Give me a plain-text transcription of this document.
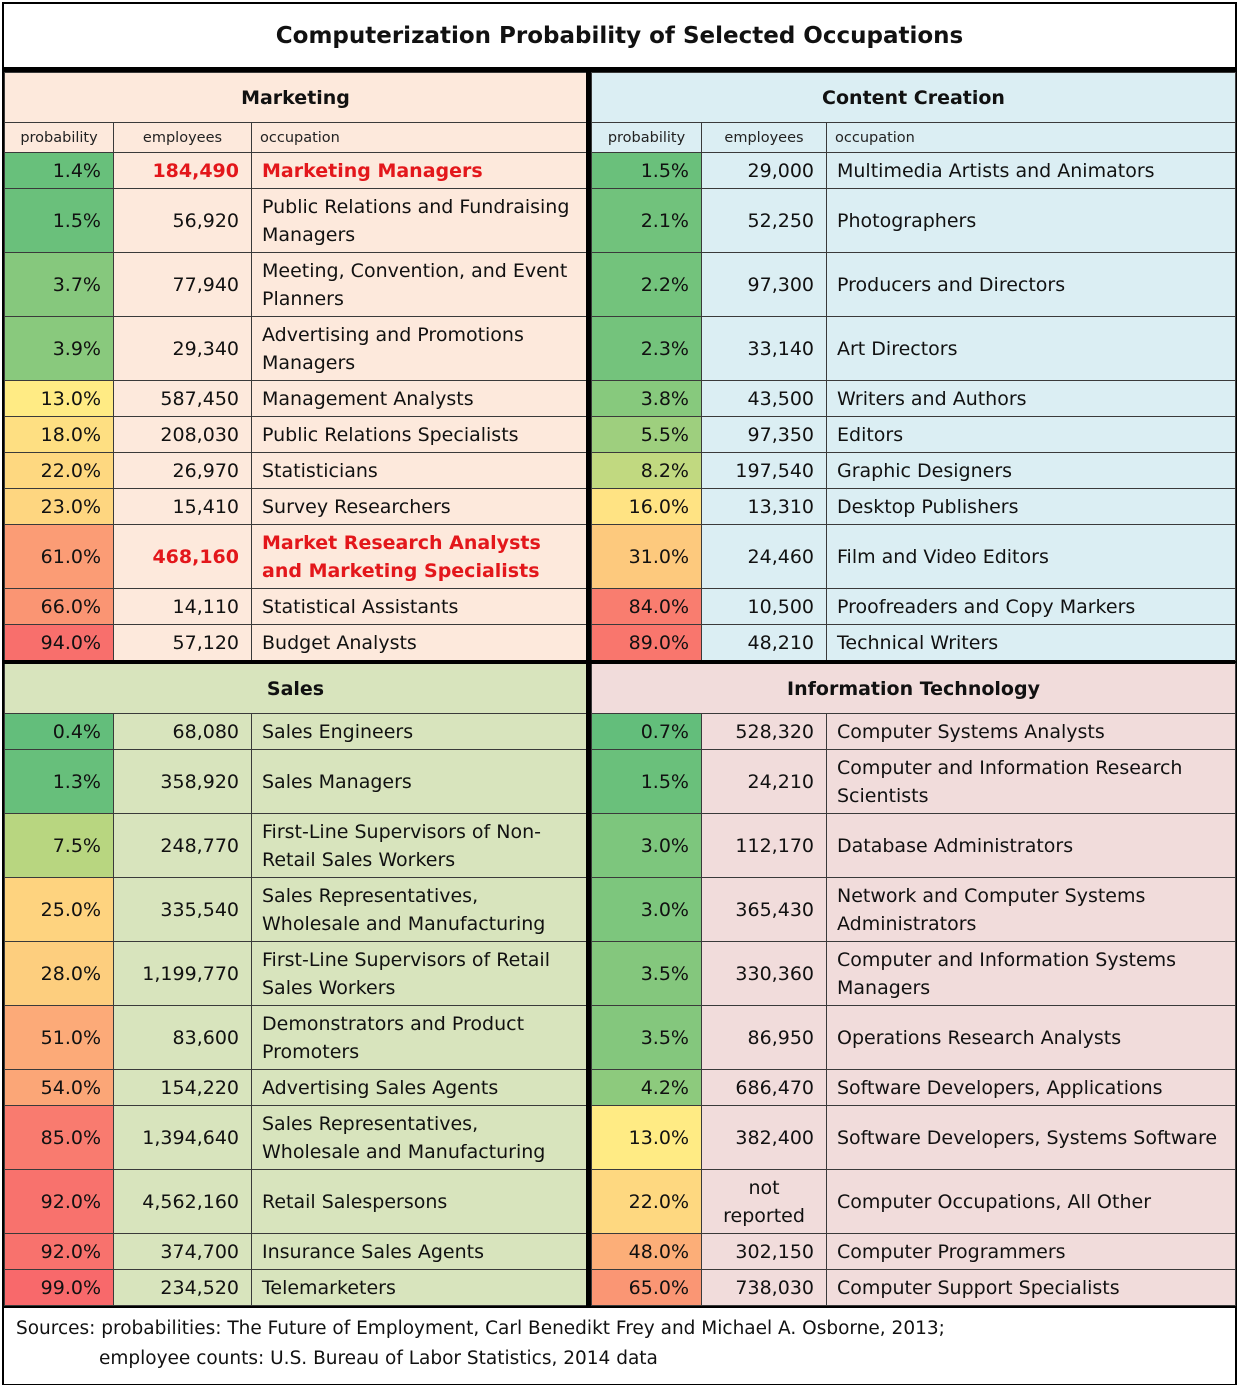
Computerization Probability of Selected Occupations
Marketing		
probability	employees	occupation
1.4%	184,490	Marketing Managers
1.5%	56,920	Public Relations and Fundraising Managers
3.7%	77,940	Meeting, Convention, and Event Planners
3.9%	29,340	Advertising and Promotions Managers
13.0%	587,450	Management Analysts
18.0%	208,030	Public Relations Specialists
22.0%	26,970	Statisticians
23.0%	15,410	Survey Researchers
61.0%	468,160	Market Research Analysts and Marketing Specialists
66.0%	14,110	Statistical Assistants
94.0%	57,120	Budget Analysts
Content Creation		
probability	employees	occupation
1.5%	29,000	Multimedia Artists and Animators
2.1%	52,250	Photographers
2.2%	97,300	Producers and Directors
2.3%	33,140	Art Directors
3.8%	43,500	Writers and Authors
5.5%	97,350	Editors
8.2%	197,540	Graphic Designers
16.0%	13,310	Desktop Publishers
31.0%	24,460	Film and Video Editors
84.0%	10,500	Proofreaders and Copy Markers
89.0%	48,210	Technical Writers
Sales		
0.4%	68,080	Sales Engineers
1.3%	358,920	Sales Managers
7.5%	248,770	First-Line Supervisors of Non-Retail Sales Workers
25.0%	335,540	Sales Representatives, Wholesale and Manufacturing
28.0%	1,199,770	First-Line Supervisors of Retail Sales Workers
51.0%	83,600	Demonstrators and Product Promoters
54.0%	154,220	Advertising Sales Agents
85.0%	1,394,640	Sales Representatives, Wholesale and Manufacturing
92.0%	4,562,160	Retail Salespersons
92.0%	374,700	Insurance Sales Agents
99.0%	234,520	Telemarketers
Information Technology		
0.7%	528,320	Computer Systems Analysts
1.5%	24,210	Computer and Information Research Scientists
3.0%	112,170	Database Administrators
3.0%	365,430	Network and Computer Systems Administrators
3.5%	330,360	Computer and Information Systems Managers
3.5%	86,950	Operations Research Analysts
4.2%	686,470	Software Developers, Applications
13.0%	382,400	Software Developers, Systems Software
22.0%	not reported	Computer Occupations, All Other
48.0%	302,150	Computer Programmers
65.0%	738,030	Computer Support Specialists
Sources: probabilities: The Future of Employment, Carl Benedikt Frey and Michael A. Osborne, 2013;
employee counts: U.S. Bureau of Labor Statistics, 2014 data
